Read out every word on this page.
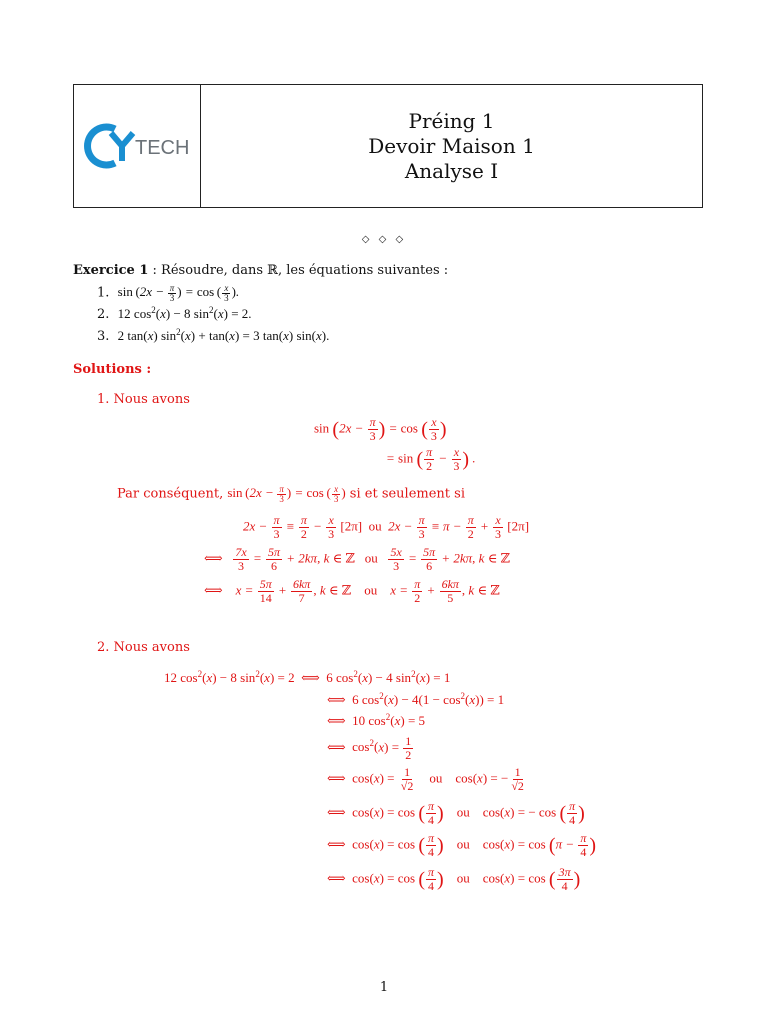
TECH
Préing 1
Devoir Maison 1
Analyse I
◇ ◇ ◇
Exercice 1 : Résoudre, dans ℝ, les équations suivantes :
1. $\sin (2x - \frac{\pi}{3}$ ) = cos  ( $\frac{x}{3}$ ).
2. 12 $\cos^2(x) - 8$ $\sin^2(x) = 2$.
3. 2 tan(x) $\sin^2(x) + \tan(x) = 3$ tan(x) sin(x).
Solutions :
1. Nous avons
$\sin (2x - \frac{\pi}{3}$ ) = cos ( $\frac{x}{3}$ )
= sin ( $\frac{\pi}{2} - \frac{x}{3}$ ) .
Par conséquent, $\sin (2x - \frac{\pi}{3}$ ) = cos  ( $\frac{x}{3}$ ) si et seulement si
$2x - \frac{\pi}{3} \equiv \frac{\pi}{2} - \frac{x}{3} [2\pi]$ ou  $2x - \frac{\pi}{3} \equiv \pi - \frac{\pi}{2} + \frac{x}{3} [2\pi]$
⟺ $\frac{7x}{3} = \frac{5\pi}{6} + 2k\pi$, k ∈ ℤ ou $\frac{5x}{3} = \frac{5\pi}{6} + 2k\pi$, k ∈ ℤ
⟺    $x = \frac{5\pi}{14} + \frac{6k\pi}{7}$ , k ∈ ℤ ou    $x = \frac{\pi}{2} + \frac{6k\pi}{5}$ , k ∈ ℤ
2. Nous avons
12 $\cos^2(x) - 8$ $\sin^2(x) = 2$ ⟺ 6 $\cos^2(x) - 4$ $\sin^2(x) = 1$
⟺ 6 $\cos^2(x) - 4(1 - \cos^2(x)) = 1$
⟺ 10 $\cos^2(x) = 5$
⟺ $\cos^2(x) = \frac{1}{2}$
⟺ $\cos(x) = \frac{1}{√2}$ ou cos(x) = − $\frac{1}{√2}$
⟺ cos(x) = cos ( $\frac{\pi}{4}$ ) ou cos(x) = − cos ( $\frac{\pi}{4}$ )
⟺ cos(x) = cos ( $\frac{\pi}{4}$ ) ou $\cos(x) = \cos (\pi - \frac{\pi}{4}$ )
⟺ cos(x) = cos ( $\frac{\pi}{4}$ ) ou cos(x) = cos ( $\frac{3\pi}{4}$ )
1
